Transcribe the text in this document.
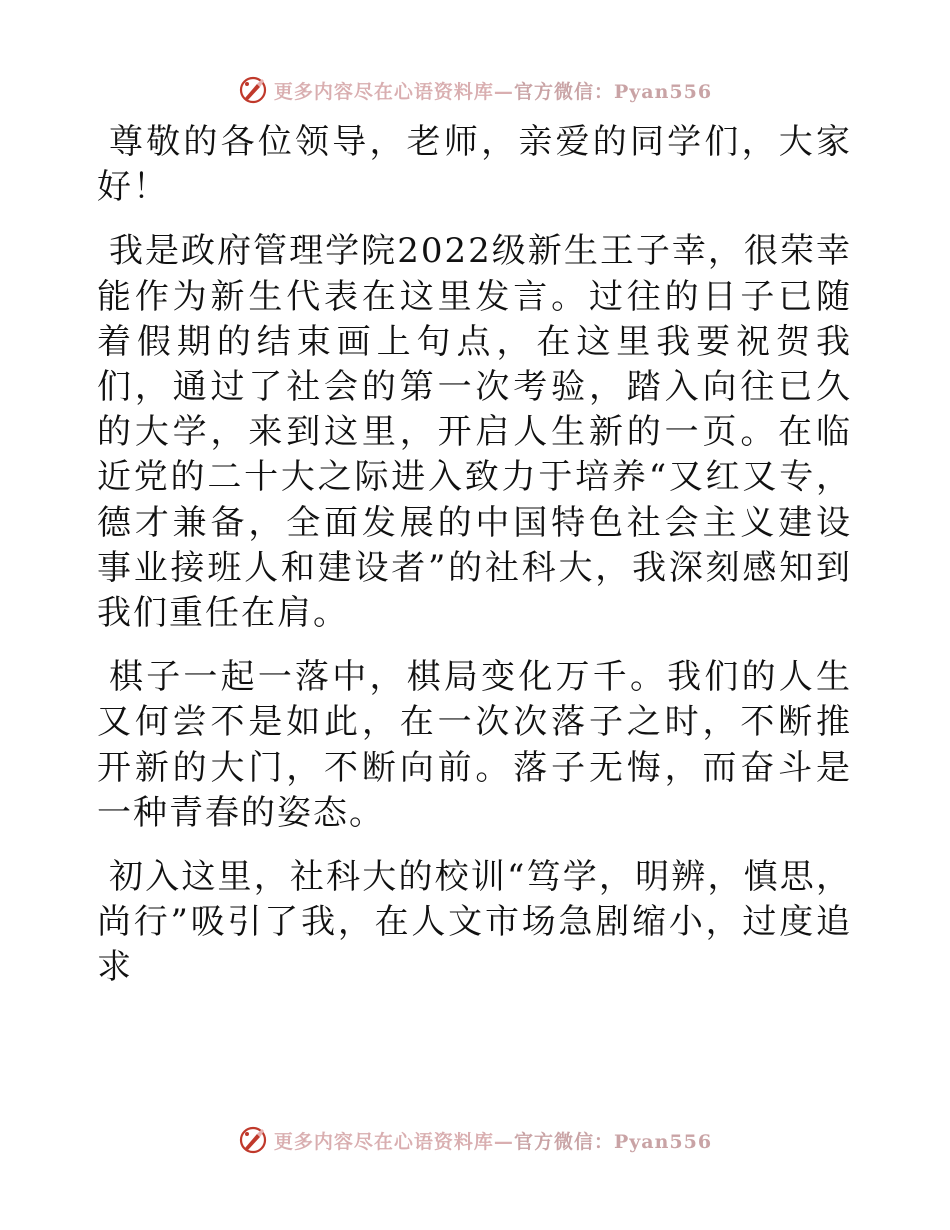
更多内容尽在心语资料库—官方微信：Pyan556

尊敬的各位领导，老师，亲爱的同学们，大家好！

我是政府管理学院2022级新生王子幸，很荣幸能作为新生代表在这里发言。过往的日子已随着假期的结束画上句点，在这里我要祝贺我们，通过了社会的第一次考验，踏入向往已久的大学，来到这里，开启人生新的一页。在临近党的二十大之际进入致力于培养“又红又专，德才兼备，全面发展的中国特色社会主义建设事业接班人和建设者”的社科大，我深刻感知到我们重任在肩。

棋子一起一落中，棋局变化万千。我们的人生又何尝不是如此，在一次次落子之时，不断推开新的大门，不断向前。落子无悔，而奋斗是一种青春的姿态。

初入这里，社科大的校训“笃学，明辨，慎思，尚行”吸引了我，在人文市场急剧缩小，过度追求

更多内容尽在心语资料库—官方微信：Pyan556
